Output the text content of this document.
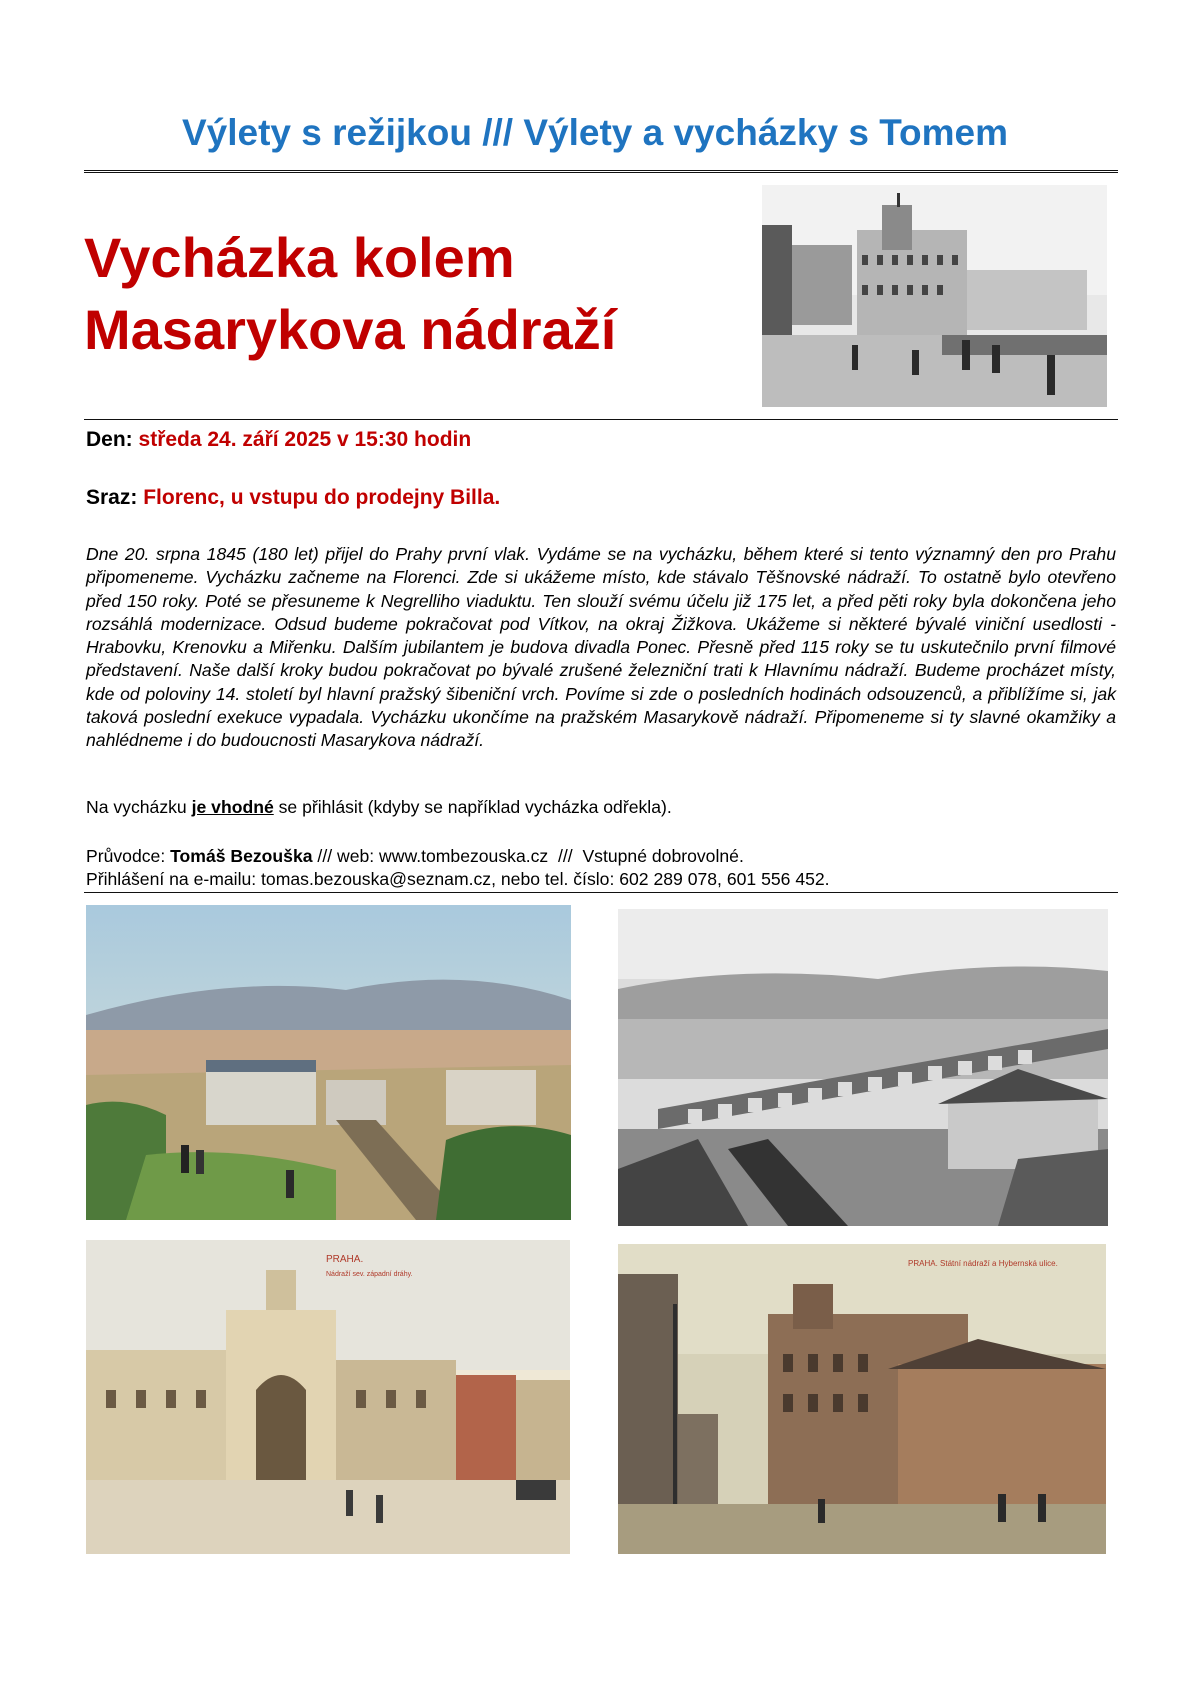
Výlety s režijkou /// Výlety a vycházky s Tomem
Vycházka kolem
Masarykova nádraží
Den: středa 24. září 2025 v 15:30 hodin
Sraz: Florenc, u vstupu do prodejny Billa.
Dne 20. srpna 1845 (180 let) přijel do Prahy první vlak. Vydáme se na vycházku, během které si tento významný den pro Prahu připomeneme. Vycházku začneme na Florenci. Zde si ukážeme místo, kde stávalo Těšnovské nádraží. To ostatně bylo otevřeno před 150 roky. Poté se přesuneme k Negrelliho viaduktu. Ten slouží svému účelu již 175 let, a před pěti roky byla dokončena jeho rozsáhlá modernizace. Odsud budeme pokračovat pod Vítkov, na okraj Žižkova. Ukážeme si některé bývalé viniční usedlosti - Hrabovku, Krenovku a Miřenku. Dalším jubilantem je budova divadla Ponec. Přesně před 115 roky se tu uskutečnilo první filmové představení. Naše další kroky budou pokračovat po bývalé zrušené železniční trati k Hlavnímu nádraží. Budeme procházet místy, kde od poloviny 14. století byl hlavní pražský šibeniční vrch. Povíme si zde o posledních hodinách odsouzenců, a přiblížíme si, jak taková poslední exekuce vypadala. Vycházku ukončíme na pražském Masarykově nádraží. Připomeneme si ty slavné okamžiky a nahlédneme i do budoucnosti Masarykova nádraží.
Na vycházku je vhodné se přihlásit (kdyby se například vycházka odřekla).
Průvodce: Tomáš Bezouška /// web: www.tombezouska.cz  ///  Vstupné dobrovolné.
Přihlášení na e-mailu: tomas.bezouska@seznam.cz, nebo tel. číslo: 602 289 078, 601 556 452.
PRAHA.
Nádraží sev. západní dráhy.
PRAHA. Státní nádraží a Hybernská ulice.
